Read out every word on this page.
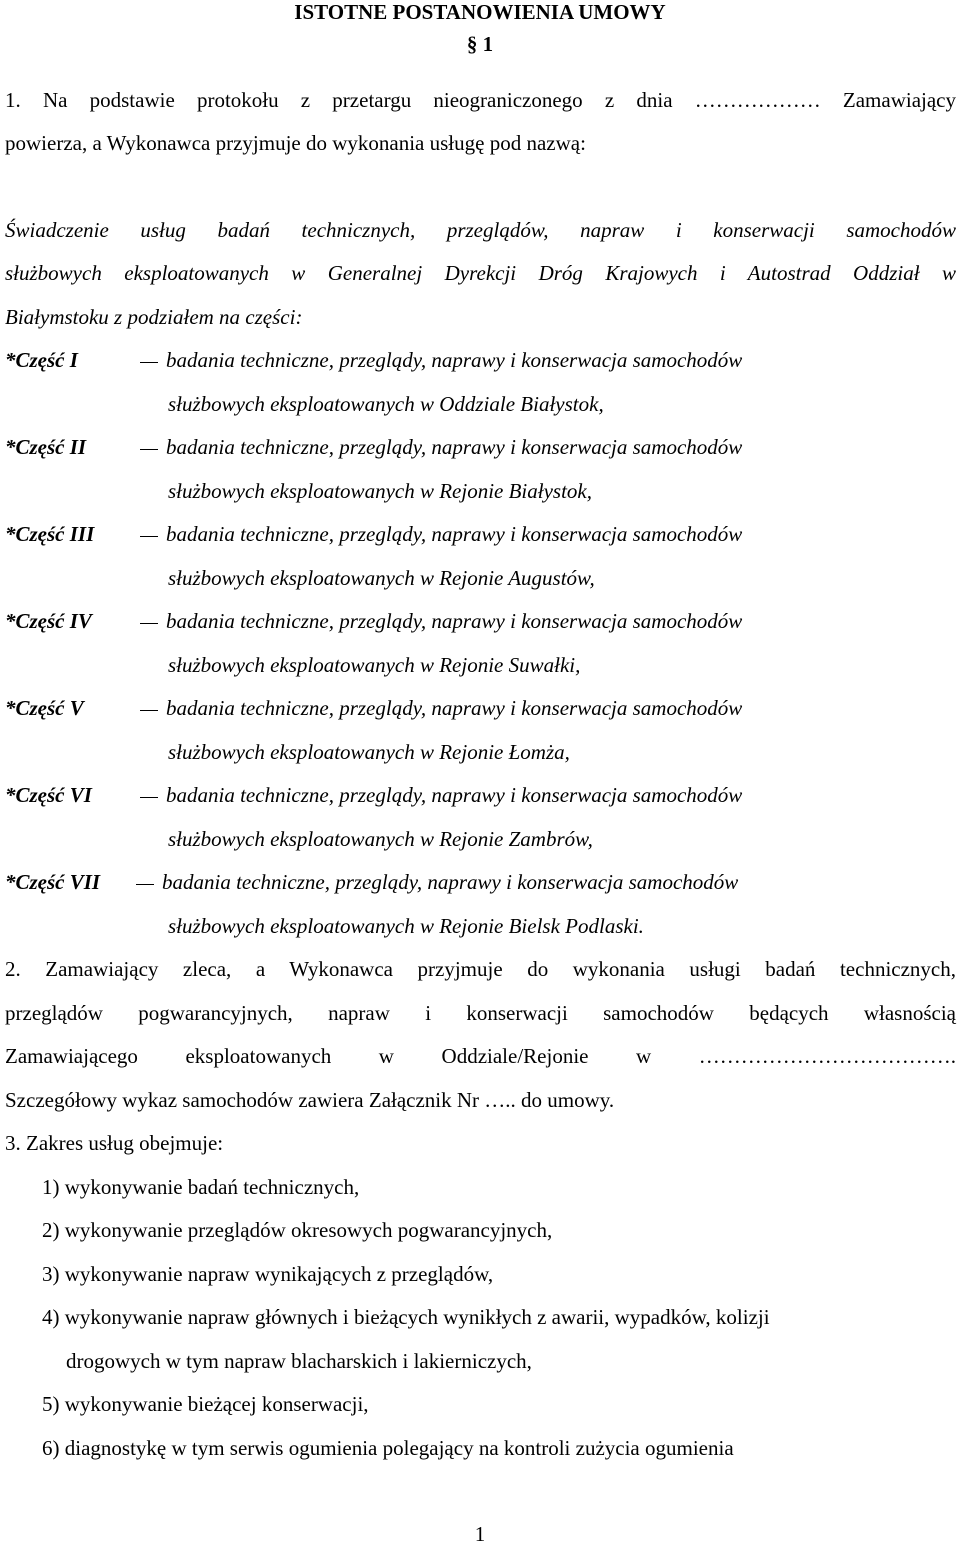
ISTOTNE POSTANOWIENIA UMOWY
§ 1
1. Na podstawie protokołu z przetargu nieograniczonego z dnia ……………… Zamawiający
powierza, a Wykonawca przyjmuje do wykonania usługę pod nazwą:
Świadczenie usług badań technicznych, przeglądów, napraw i konserwacji samochodów
służbowych eksploatowanych w Generalnej Dyrekcji Dróg Krajowych i Autostrad Oddział w
Białymstoku z podziałem na części:
*Część I	badania techniczne, przeglądy, naprawy i konserwacja samochodów
służbowych eksploatowanych w Oddziale Białystok,
*Część II	badania techniczne, przeglądy, naprawy i konserwacja samochodów
służbowych eksploatowanych w Rejonie Białystok,
*Część III	badania techniczne, przeglądy, naprawy i konserwacja samochodów
służbowych eksploatowanych w Rejonie Augustów,
*Część IV	badania techniczne, przeglądy, naprawy i konserwacja samochodów
służbowych eksploatowanych w Rejonie Suwałki,
*Część V	badania techniczne, przeglądy, naprawy i konserwacja samochodów
służbowych eksploatowanych w Rejonie Łomża,
*Część VI	badania techniczne, przeglądy, naprawy i konserwacja samochodów
służbowych eksploatowanych w Rejonie Zambrów,
*Część VII	badania techniczne, przeglądy, naprawy i konserwacja samochodów
służbowych eksploatowanych w Rejonie Bielsk Podlaski.
2. Zamawiający zleca, a Wykonawca przyjmuje do wykonania usługi badań technicznych,
przeglądów pogwarancyjnych, napraw i konserwacji samochodów będących własnością
Zamawiającego eksploatowanych w Oddziale/Rejonie w ……………………………….
Szczegółowy wykaz samochodów zawiera Załącznik Nr ….. do umowy.
3. Zakres usług obejmuje:
1) wykonywanie badań technicznych,
2) wykonywanie przeglądów okresowych pogwarancyjnych,
3) wykonywanie napraw wynikających z przeglądów,
4) wykonywanie napraw głównych i bieżących wynikłych z awarii, wypadków, kolizji
drogowych w tym napraw blacharskich i lakierniczych,
5) wykonywanie bieżącej konserwacji,
6) diagnostykę w tym serwis ogumienia polegający na kontroli zużycia ogumienia
1
